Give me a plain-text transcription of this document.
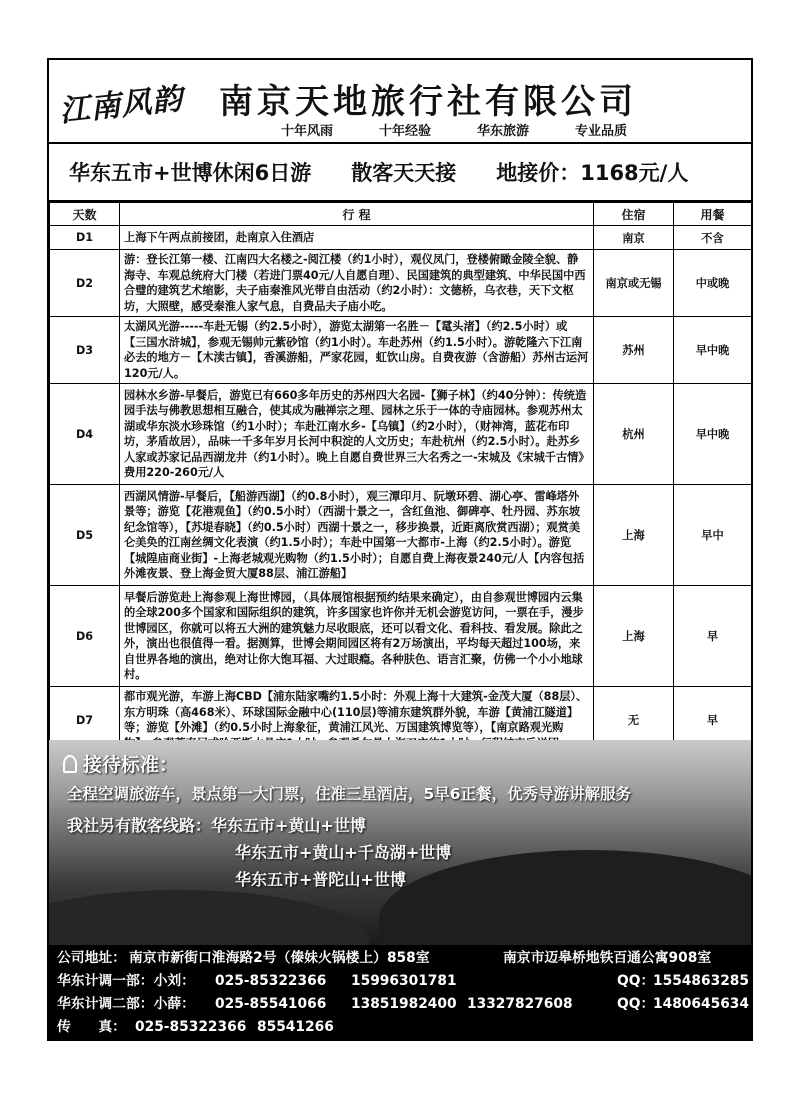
江南风韵 南京天地旅行社有限公司
十年风雨	十年经验	华东旅游	专业品质
华东五市+世博休闲6日游 散客天天接 地接价：1168元/人
天数	行 程	住宿	用餐
D1	上海下午两点前接团，赴南京入住酒店	南京	不含
D2	游：登长江第一楼、江南四大名楼之-阅江楼（约1小时），观仪凤门，登楼俯瞰金陵全貌、静海寺、车观总统府大门楼（若进门票40元/人自愿自理）、民国建筑的典型建筑、中华民国中西合璧的建筑艺术缩影，夫子庙秦淮风光带自由活动（约2小时）：文德桥，乌衣巷，天下文枢坊，大照壁，感受秦淮人家气息，自费品夫子庙小吃。	南京或无锡	中或晚
D3	太湖风光游-----车赴无锡（约2.5小时），游览太湖第一名胜－【鼋头渚】（约2.5小时）或【三国水浒城】，参观无锡帅元紫砂馆（约1小时）。车赴苏州（约1.5小时）。游乾隆六下江南必去的地方－【木渎古镇】，香溪游船，严家花园，虹饮山房。自费夜游（含游船）苏州古运河120元/人。	苏州	早中晚
D4	园林水乡游-早餐后，游览已有660多年历史的苏州四大名园-【狮子林】（约40分钟）：传统造园手法与佛教思想相互融合，使其成为融禅宗之理、园林之乐于一体的寺庙园林。参观苏州太湖或华东淡水珍珠馆（约1小时）；车赴江南水乡-【乌镇】（约2小时），（财神湾，蓝花布印坊，茅盾故居），品味一千多年岁月长河中积淀的人文历史；车赴杭州（约2.5小时）。赴苏乡人家或苏家记品西湖龙井（约1小时）。晚上自愿自费世界三大名秀之一-宋城及《宋城千古情》费用220-260元/人	杭州	早中晚
D5	西湖风情游-早餐后，【船游西湖】（约0.8小时），观三潭印月、阮墩环碧、湖心亭、雷峰塔外景等；游览【花港观鱼】（约0.5小时）（西湖十景之一，含红鱼池、御碑亭、牡丹园、苏东坡纪念馆等），【苏堤春晓】（约0.5小时）西湖十景之一，移步换景，近距离欣赏西湖）；观赏美仑美奂的江南丝绸文化表演（约1.5小时）；车赴中国第一大都市-上海（约2.5小时）。游览【城隍庙商业街】-上海老城观光购物（约1.5小时）；自愿自费上海夜景240元/人【内容包括外滩夜景、登上海金贸大厦88层、浦江游船】	上海	早中
D6	早餐后游览赴上海参观上海世博园，（具体展馆根据预约结果来确定），由自参观世博园内云集的全球200多个国家和国际组织的建筑，许多国家也许你并无机会游览访问，一票在手，漫步世博园区，你就可以将五大洲的建筑魅力尽收眼底，还可以看文化、看科技、看发展。除此之外，演出也很值得一看。据测算，世博会期间园区将有2万场演出，平均每天超过100场，来自世界各地的演出，绝对让你大饱耳福、大过眼瘾。各种肤色、语言汇聚，仿佛一个小小地球村。	上海	早
D7	都市观光游，车游上海CBD【浦东陆家嘴约1.5小时：外观上海十大建筑-金茂大厦（88层）、东方明珠（高468米）、环球国际金融中心(110层)等浦东建筑群外貌，车游【黄浦江隧道】等；游览【外滩】（约0.5小时上海象征，黄浦江风光、万国建筑博览等），【南京路观光购	无	早
接待标准：
全程空调旅游车，景点第一大门票，住准三星酒店，5早6正餐，优秀导游讲解服务
我社另有散客线路：华东五市+黄山+世博
华东五市+黄山+千岛湖+世博
华东五市+普陀山+世博
公司地址： 南京市新街口淮海路2号（傣妹火锅楼上）858室	南京市迈皋桥地铁百通公寓908室
华东计调一部：小刘： 025-85322366 15996301781	QQ：
1554863285
华东计调二部：小薛： 025-85541066 13851982400 13327827608	QQ：
1480645634
传　　真： 025-85322366 85541266
